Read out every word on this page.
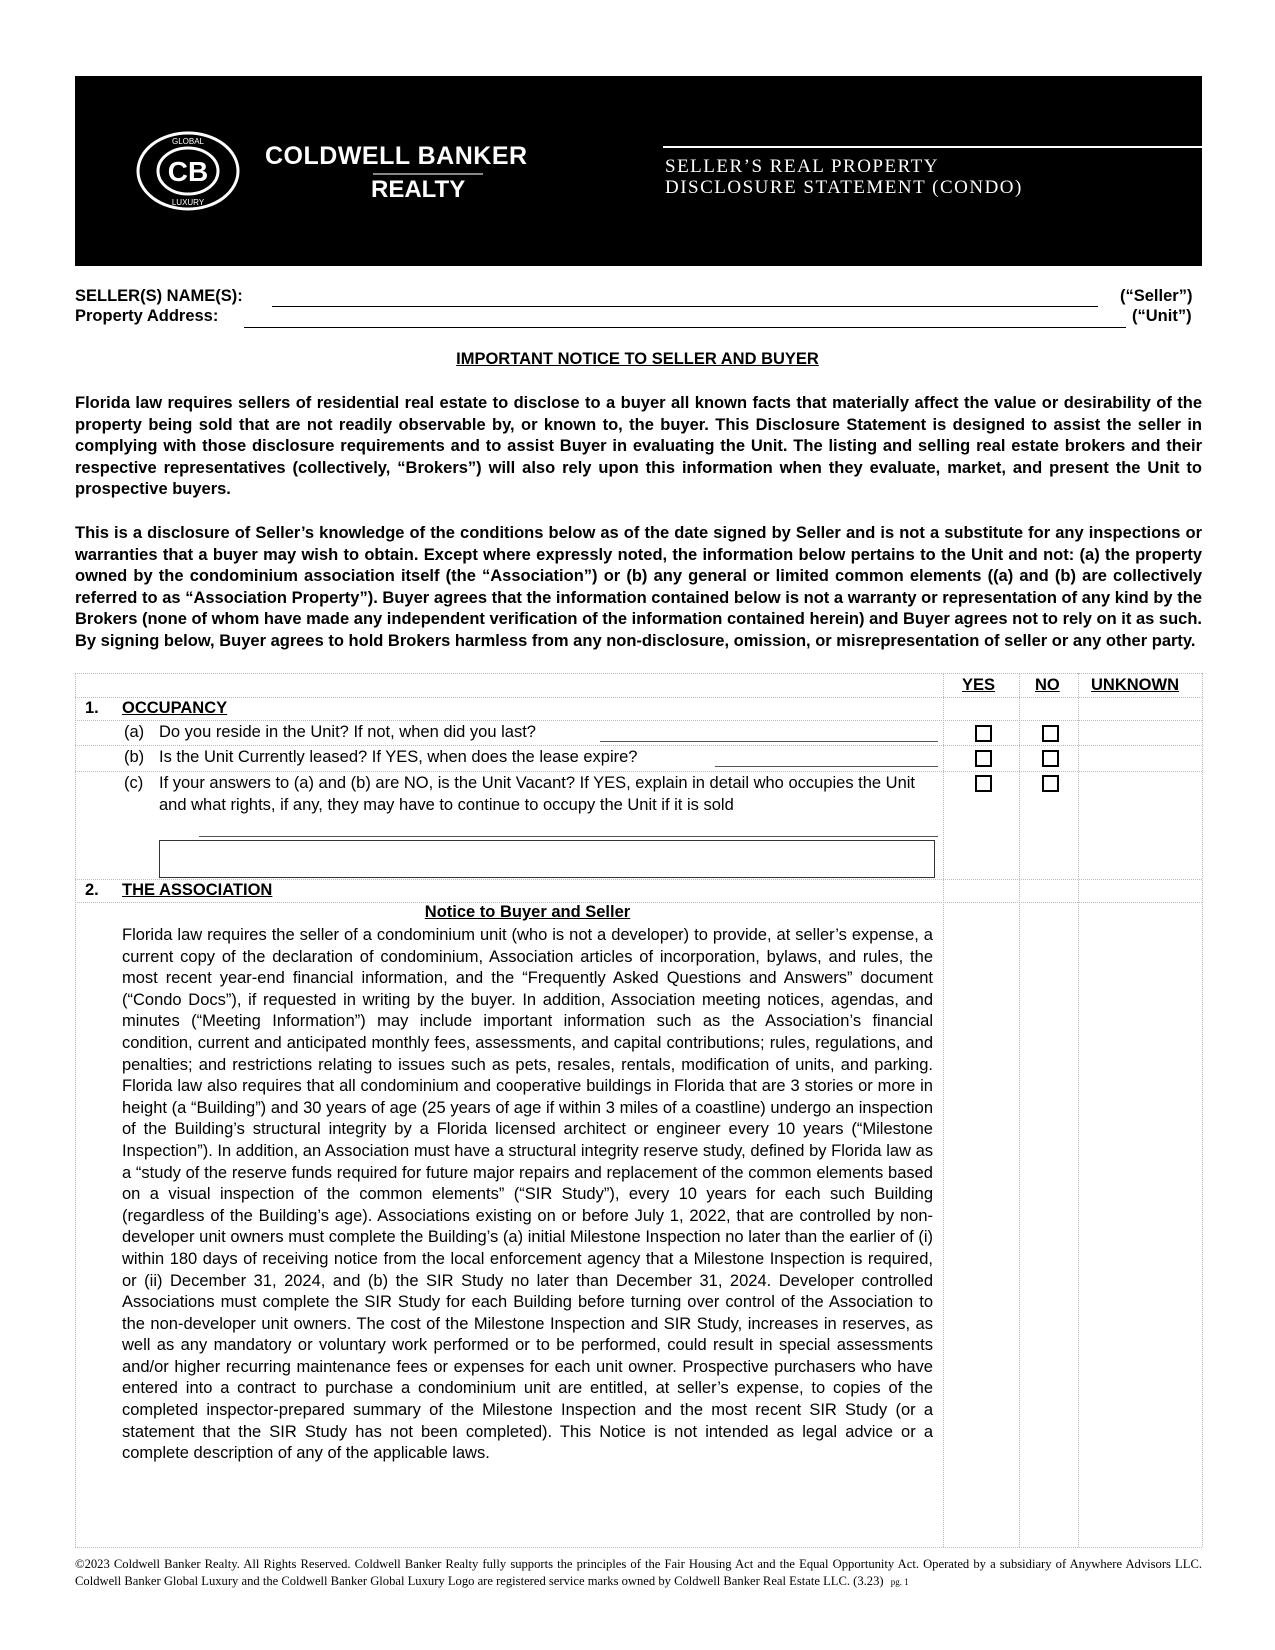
CB
GLOBAL
LUXURY
COLDWELL BANKER
REALTY
SELLER’S REAL PROPERTY
DISCLOSURE STATEMENT (CONDO)
SELLER(S) NAME(S):	(“Seller”)
Property Address:	(“Unit”)
IMPORTANT NOTICE TO SELLER AND BUYER
Florida law requires sellers of residential real estate to disclose to a buyer all known facts that materially affect the value or desirability of the property being sold that are not readily observable by, or known to, the buyer. This Disclosure Statement is designed to assist the seller in complying with those disclosure requirements and to assist Buyer in evaluating the Unit. The listing and selling real estate brokers and their respective representatives (collectively, “Brokers”) will also rely upon this information when they evaluate, market, and present the Unit to prospective buyers.
This is a disclosure of Seller’s knowledge of the conditions below as of the date signed by Seller and is not a substitute for any inspections or warranties that a buyer may wish to obtain. Except where expressly noted, the information below pertains to the Unit and not: (a) the property owned by the condominium association itself (the “Association”) or (b) any general or limited common elements ((a) and (b) are collectively referred to as “Association Property”). Buyer agrees that the information contained below is not a warranty or representation of any kind by the Brokers (none of whom have made any independent verification of the information contained herein) and Buyer agrees not to rely on it as such. By signing below, Buyer agrees to hold Brokers harmless from any non-disclosure, omission, or misrepresentation of seller or any other party.
YES NO UNKNOWN
1. OCCUPANCY
(a) Do you reside in the Unit? If not, when did you last?
(b) Is the Unit Currently leased? If YES, when does the lease expire?
(c) If your answers to (a) and (b) are NO, is the Unit Vacant? If YES, explain in detail who occupies the Unit and what rights, if any, they may have to continue to occupy the Unit if it is sold
2. THE ASSOCIATION
Notice to Buyer and Seller
Florida law requires the seller of a condominium unit (who is not a developer) to provide, at seller’s expense, a current copy of the declaration of condominium, Association articles of incorporation, bylaws, and rules, the most recent year-end financial information, and the “Frequently Asked Questions and Answers” document (“Condo Docs”), if requested in writing by the buyer. In addition, Association meeting notices, agendas, and minutes (“Meeting Information”) may include important information such as the Association’s financial condition, current and anticipated monthly fees, assessments, and capital contributions; rules, regulations, and penalties; and restrictions relating to issues such as pets, resales, rentals, modification of units, and parking. Florida law also requires that all condominium and cooperative buildings in Florida that are 3 stories or more in height (a “Building”) and 30 years of age (25 years of age if within 3 miles of a coastline) undergo an inspection of the Building’s structural integrity by a Florida licensed architect or engineer every 10 years (“Milestone Inspection”). In addition, an Association must have a structural integrity reserve study, defined by Florida law as a “study of the reserve funds required for future major repairs and replacement of the common elements based on a visual inspection of the common elements” (“SIR Study”), every 10 years for each such Building (regardless of the Building’s age). Associations existing on or before July 1, 2022, that are controlled by non-developer unit owners must complete the Building’s (a) initial Milestone Inspection no later than the earlier of (i) within 180 days of receiving notice from the local enforcement agency that a Milestone Inspection is required, or (ii) December 31, 2024, and (b) the SIR Study no later than December 31, 2024. Developer controlled Associations must complete the SIR Study for each Building before turning over control of the Association to the non-developer unit owners. The cost of the Milestone Inspection and SIR Study, increases in reserves, as well as any mandatory or voluntary work performed or to be performed, could result in special assessments and/or higher recurring maintenance fees or expenses for each unit owner. Prospective purchasers who have entered into a contract to purchase a condominium unit are entitled, at seller’s expense, to copies of the completed inspector-prepared summary of the Milestone Inspection and the most recent SIR Study (or a statement that the SIR Study has not been completed). This Notice is not intended as legal advice or a complete description of any of the applicable laws.
©2023 Coldwell Banker Realty. All Rights Reserved. Coldwell Banker Realty fully supports the principles of the Fair Housing Act and the Equal Opportunity Act. Operated by a subsidiary of Anywhere Advisors LLC. Coldwell Banker Global Luxury and the Coldwell Banker Global Luxury Logo are registered service marks owned by Coldwell Banker Real Estate LLC. (3.23) pg. 1
